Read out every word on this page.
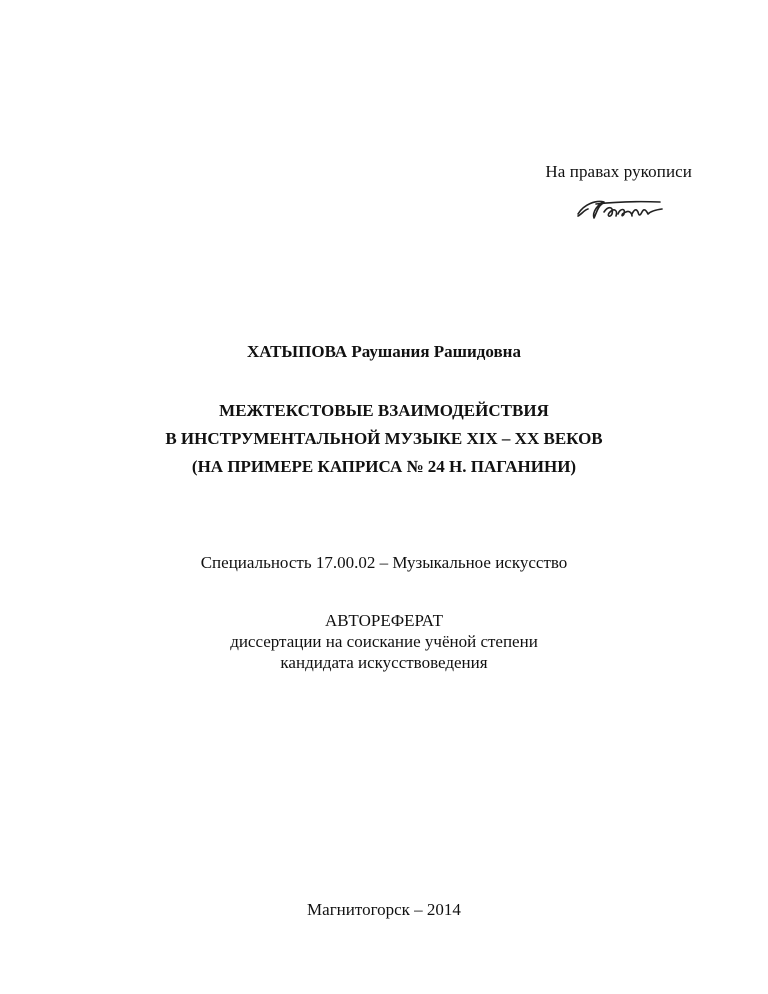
На правах рукописи
ХАТЫПОВА Раушания Рашидовна
МЕЖТЕКСТОВЫЕ ВЗАИМОДЕЙСТВИЯ
В ИНСТРУМЕНТАЛЬНОЙ МУЗЫКЕ XIX – XX ВЕКОВ
(НА ПРИМЕРЕ КАПРИСА № 24 Н. ПАГАНИНИ)
Специальность 17.00.02 – Музыкальное искусство
АВТОРЕФЕРАТ
диссертации на соискание учёной степени
кандидата искусствоведения
Магнитогорск – 2014
